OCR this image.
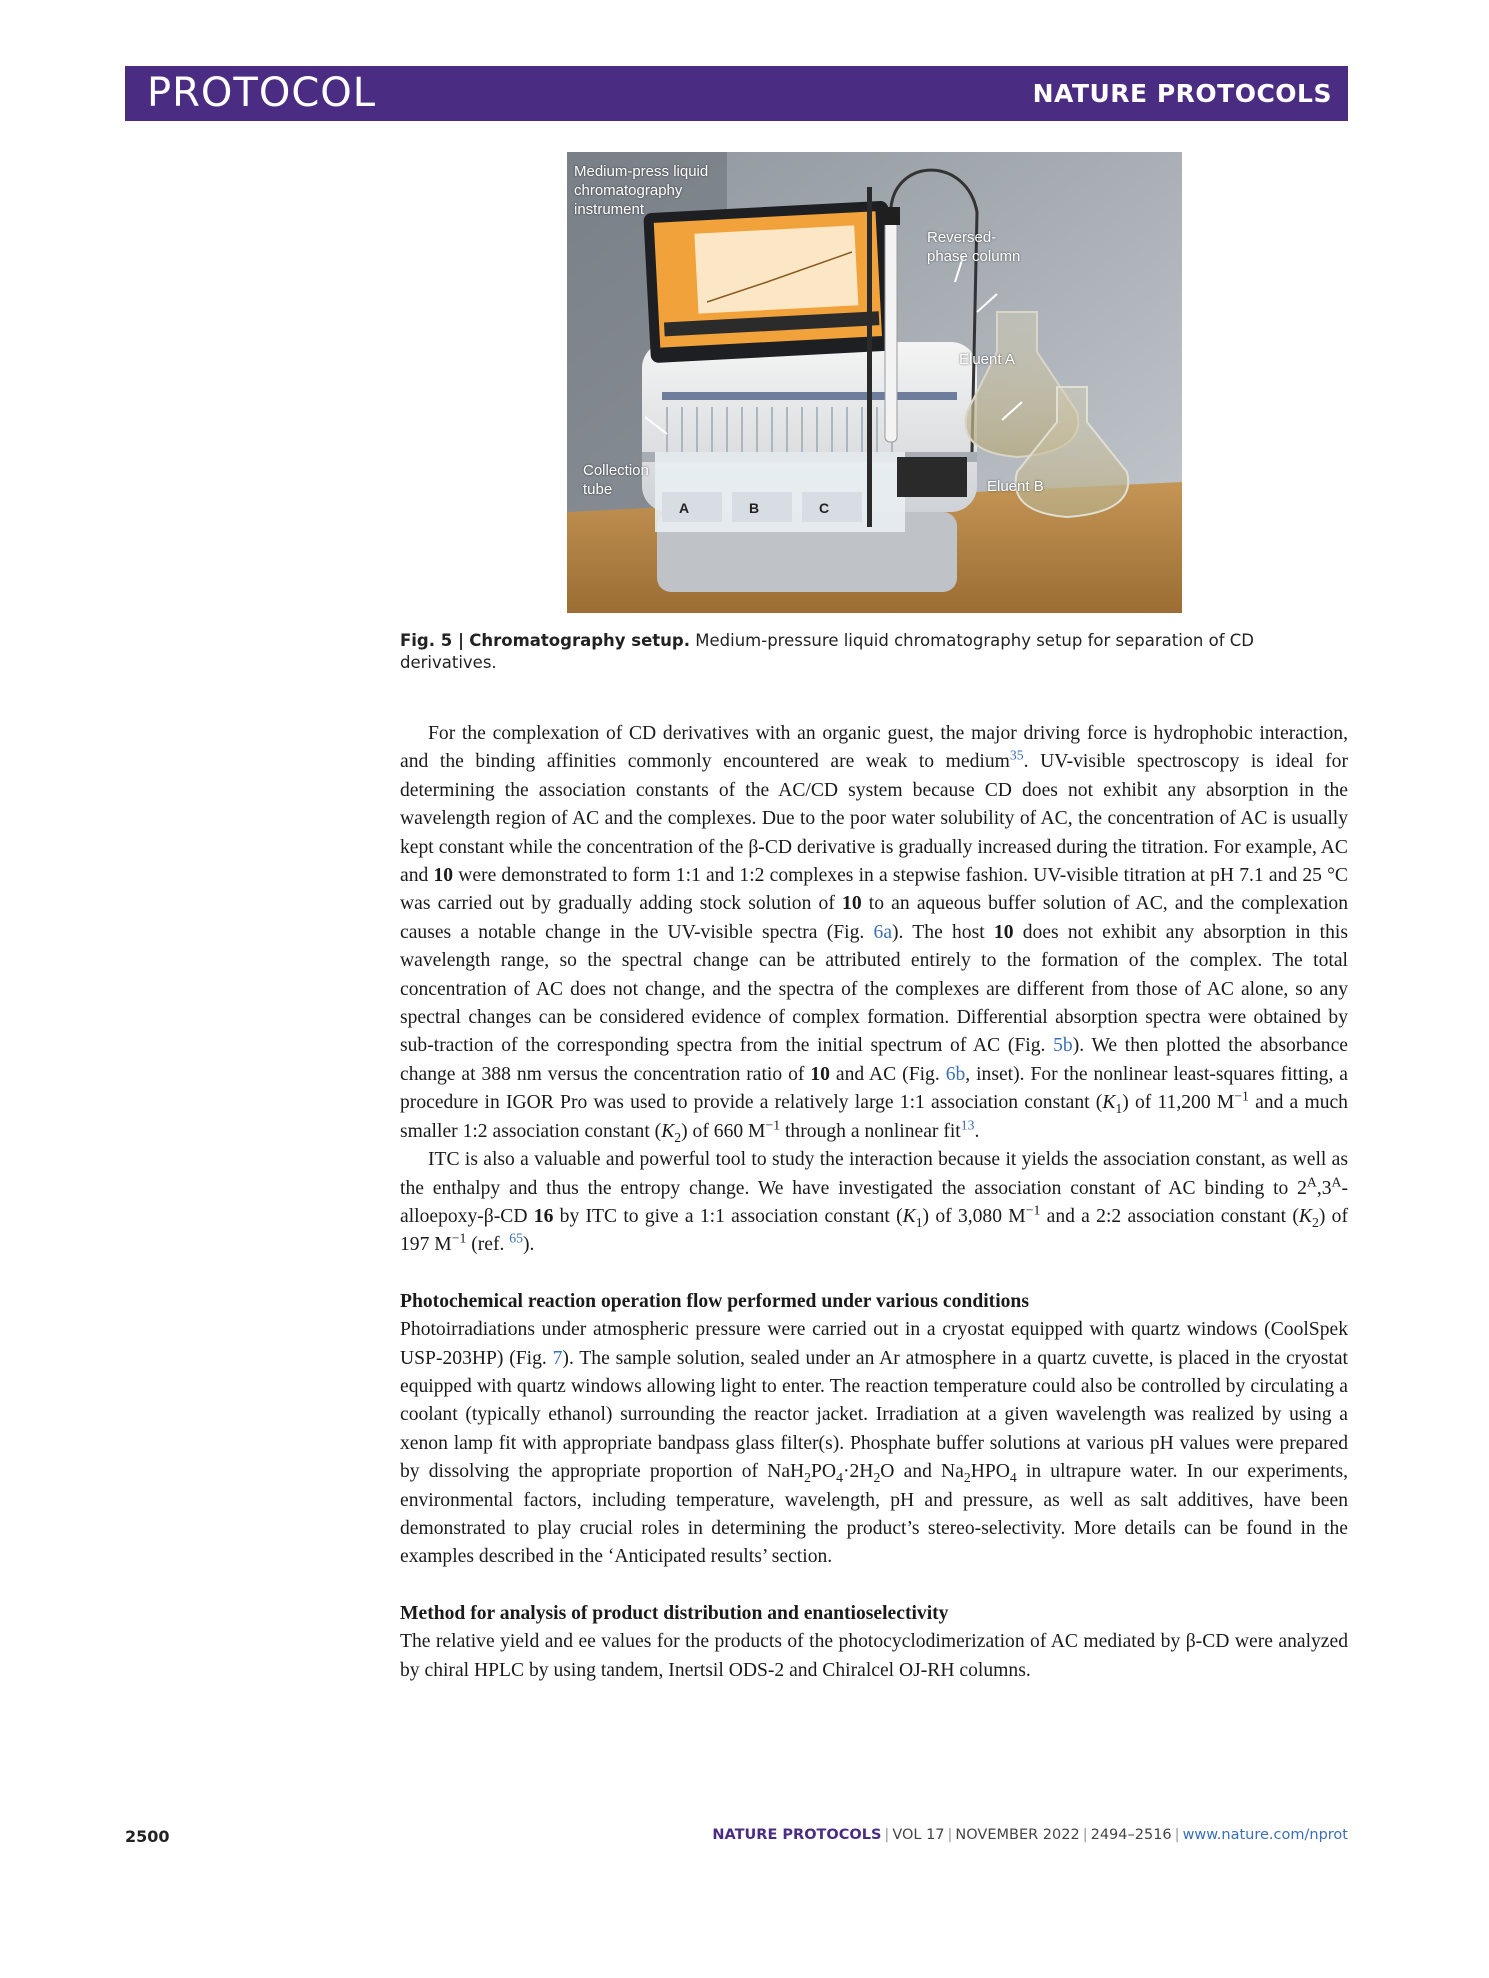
PROTOCOL	NATURE PROTOCOLS
A	B	C
Medium-press liquid chromatography instrument
Reversed-phase column
Eluent A
Eluent B
Collection tube
Fig. 5 | Chromatography setup. Medium-pressure liquid chromatography setup for separation of CD derivatives.

For the complexation of CD derivatives with an organic guest, the major driving force is hydrophobic interaction, and the binding affinities commonly encountered are weak to medium$^{35}$. UV-visible spectroscopy is ideal for determining the association constants of the AC/CD system because CD does not exhibit any absorption in the wavelength region of AC and the complexes. Due to the poor water solubility of AC, the concentration of AC is usually kept constant while the concentration of the β-CD derivative is gradually increased during the titration. For example, AC and 10 were demonstrated to form 1:1 and 1:2 complexes in a stepwise fashion. UV-visible titration at pH 7.1 and 25 °C was carried out by gradually adding stock solution of 10 to an aqueous buffer solution of AC, and the complexation causes a notable change in the UV-visible spectra (Fig. 6a). The host 10 does not exhibit any absorption in this wavelength range, so the spectral change can be attributed entirely to the formation of the complex. The total concentration of AC does not change, and the spectra of the complexes are different from those of AC alone, so any spectral changes can be considered evidence of complex formation. Differential absorption spectra were obtained by sub-traction of the corresponding spectra from the initial spectrum of AC (Fig. 5b). We then plotted the absorbance change at 388 nm versus the concentration ratio of 10 and AC (Fig. 6b, inset). For the nonlinear least-squares fitting, a procedure in IGOR Pro was used to provide a relatively large 1:1 association constant $(K_1)$ of 11,200 $M^{-1}$ and a much smaller 1:2 association constant $(K_2)$ of 660 $M^{-1}$ through a nonlinear fit$^{13}$.

ITC is also a valuable and powerful tool to study the interaction because it yields the association constant, as well as the enthalpy and thus the entropy change. We have investigated the association constant of AC binding to $2^A,3^A-alloepoxy-\beta-CD$ 16 by ITC to give a 1:1 association constant $(K_1)$ of 3,080 $M^{-1}$ and a 2:2 association constant $(K_2)$ of 197 $M^{-1}$ (ref. $^{65}$).

Photochemical reaction operation flow performed under various conditions

Photoirradiations under atmospheric pressure were carried out in a cryostat equipped with quartz windows (CoolSpek USP-203HP) (Fig. 7). The sample solution, sealed under an Ar atmosphere in a quartz cuvette, is placed in the cryostat equipped with quartz windows allowing light to enter. The reaction temperature could also be controlled by circulating a coolant (typically ethanol) surrounding the reactor jacket. Irradiation at a given wavelength was realized by using a xenon lamp fit with appropriate bandpass glass filter(s). Phosphate buffer solutions at various pH values were prepared by dissolving the appropriate proportion of $NaH_2PO_4\cdot 2H_2O$ and $Na_2HPO_4$ in ultrapure water. In our experiments, environmental factors, including temperature, wavelength, pH and pressure, as well as salt additives, have been demonstrated to play crucial roles in determining the product’s stereo-selectivity. More details can be found in the examples described in the ‘Anticipated results’ section.

Method for analysis of product distribution and enantioselectivity

The relative yield and ee values for the products of the photocyclodimerization of AC mediated by β-CD were analyzed by chiral HPLC by using tandem, Inertsil ODS-2 and Chiralcel OJ-RH columns.

2500	NATURE PROTOCOLS | VOL 17 | NOVEMBER 2022 | 2494–2516 | www.nature.com/nprot
